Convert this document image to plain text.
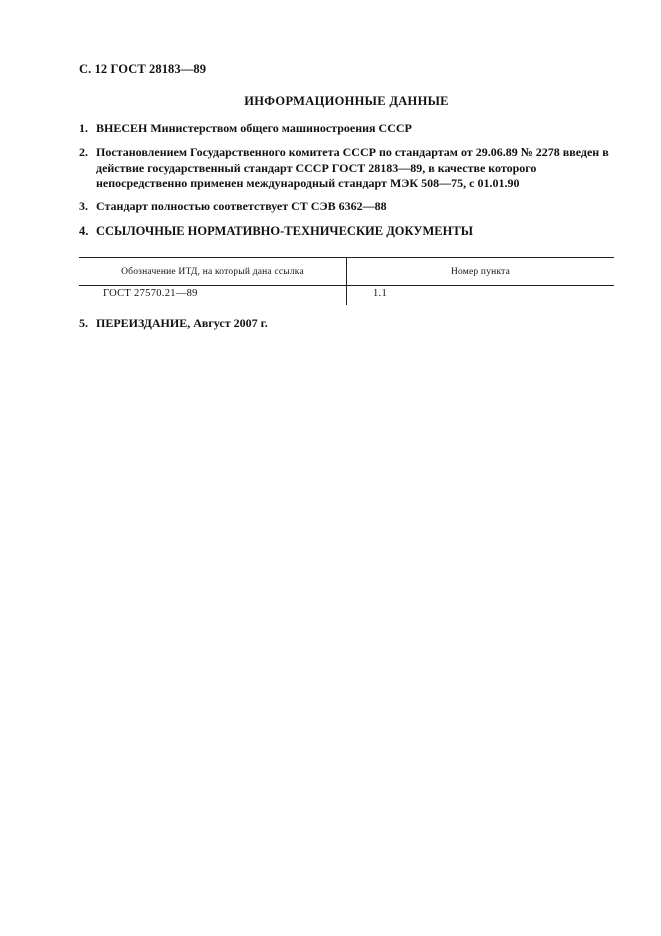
С. 12 ГОСТ 28183—89
ИНФОРМАЦИОННЫЕ ДАННЫЕ
1. ВНЕСЕН Министерством общего машиностроения СССР
2. Постановлением Государственного комитета СССР по стандартам от 29.06.89 № 2278 введен в действие государственный стандарт СССР ГОСТ 28183—89, в качестве которого непосредственно применен международный стандарт МЭК 508—75, с 01.01.90
3. Стандарт полностью соответствует СТ СЭВ 6362—88
4. ССЫЛОЧНЫЕ НОРМАТИВНО-ТЕХНИЧЕСКИЕ ДОКУМЕНТЫ
Обозначение ИТД, на который дана ссылка	Номер пункта
ГОСТ 27570.21—89	1.1
5. ПЕРЕИЗДАНИЕ, Август 2007 г.
